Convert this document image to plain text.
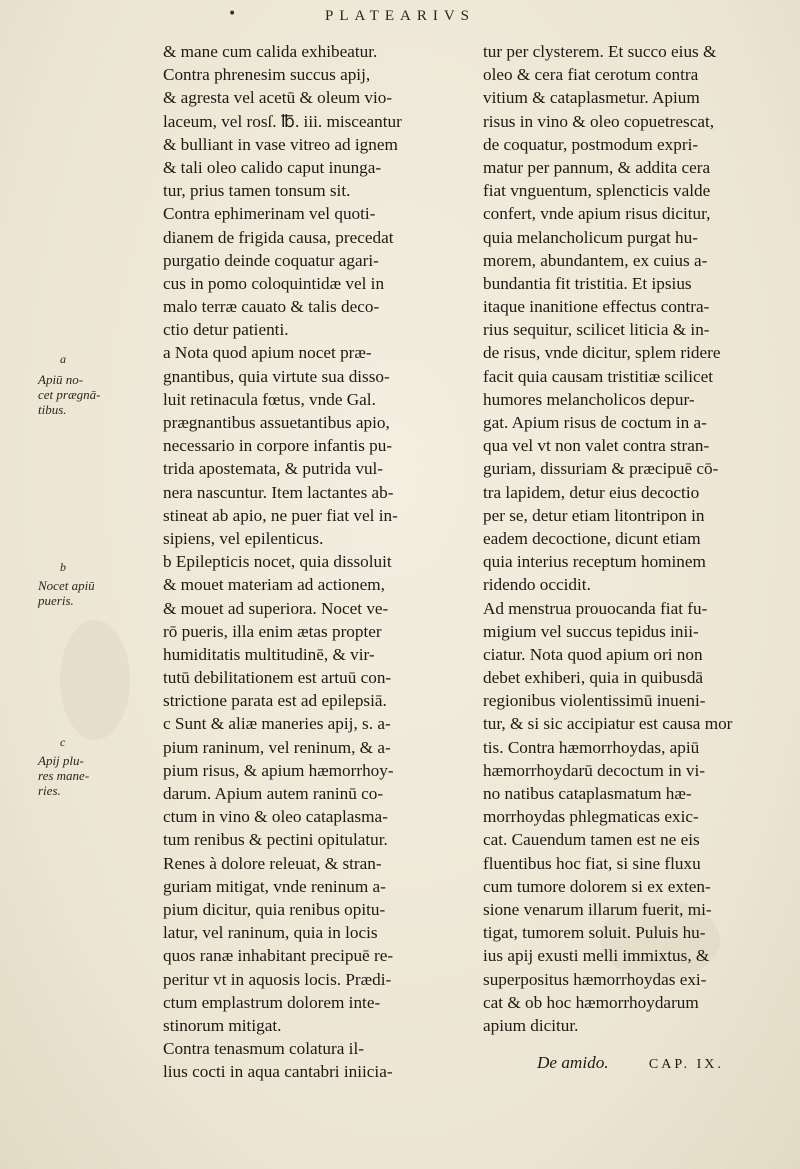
•	PLATEARIVS
a
Apiū no-
cet prægnā-
tibus.
b
Nocet apiū
pueris.
c
Apij plu-
res mane-
ries.
& mane cum calida exhibeatur.
Contra phrenesim succus apij,
& agresta vel acetū & oleum vio-
laceum, vel rosſ. ℔. iii. misceantur
& bulliant in vase vitreo ad ignem
& tali oleo calido caput inunga-
tur, prius tamen tonsum sit.
Contra ephimerinam vel quoti-
dianem de frigida causa, precedat
purgatio deinde coquatur agari-
cus in pomo coloquintidæ vel in
malo terræ cauato & talis deco-
ctio detur patienti.
a Nota quod apium nocet præ-
gnantibus, quia virtute sua disso-
luit retinacula fœtus, vnde Gal.
prægnantibus assuetantibus apio,
necessario in corpore infantis pu-
trida apostemata, & putrida vul-
nera nascuntur. Item lactantes ab-
stineat ab apio, ne puer fiat vel in-
sipiens, vel epilenticus.
b Epilepticis nocet, quia dissoluit
& mouet materiam ad actionem,
& mouet ad superiora. Nocet ve-
rō pueris, illa enim ætas propter
humiditatis multitudinē, & vir-
tutū debilitationem est artuū con-
strictione parata est ad epilepsiā.
c Sunt & aliæ maneries apij, s. a-
pium raninum, vel reninum, & a-
pium risus, & apium hæmorrhoy-
darum. Apium autem raninū co-
ctum in vino & oleo cataplasma-
tum renibus & pectini opitulatur.
Renes à dolore releuat, & stran-
guriam mitigat, vnde reninum a-
pium dicitur, quia renibus opitu-
latur, vel raninum, quia in locis
quos ranæ inhabitant precipuē re-
peritur vt in aquosis locis. Prædi-
ctum emplastrum dolorem inte-
stinorum mitigat.
Contra tenasmum colatura il-
lius cocti in aqua cantabri iniicia-
tur per clysterem. Et succo eius &
oleo & cera fiat cerotum contra
vitium & cataplasmetur. Apium
risus in vino & oleo copuetrescat,
de coquatur, postmodum expri-
matur per pannum, & addita cera
fiat vnguentum, splencticis valde
confert, vnde apium risus dicitur,
quia melancholicum purgat hu-
morem, abundantem, ex cuius a-
bundantia fit tristitia. Et ipsius
itaque inanitione effectus contra-
rius sequitur, scilicet liticia & in-
de risus, vnde dicitur, splem ridere
facit quia causam tristitiæ scilicet
humores melancholicos depur-
gat. Apium risus de coctum in a-
qua vel vt non valet contra stran-
guriam, dissuriam & præcipuē cō-
tra lapidem, detur eius decoctio
per se, detur etiam litontripon in
eadem decoctione, dicunt etiam
quia interius receptum hominem
ridendo occidit.
Ad menstrua prouocanda fiat fu-
migium vel succus tepidus inii-
ciatur. Nota quod apium ori non
debet exhiberi, quia in quibusdā
regionibus violentissimū inueni-
tur, & si sic accipiatur est causa mor
tis. Contra hæmorrhoydas, apiū
hæmorrhoydarū decoctum in vi-
no natibus cataplasmatum hæ-
morrhoydas phlegmaticas exic-
cat. Cauendum tamen est ne eis
fluentibus hoc fiat, si sine fluxu
cum tumore dolorem si ex exten-
sione venarum illarum fuerit, mi-
tigat, tumorem soluit. Puluis hu-
ius apij exusti melli immixtus, &
superpositus hæmorrhoydas exi-
cat & ob hoc hæmorrhoydarum
apium dicitur.
De amido.	CAP. IX.
